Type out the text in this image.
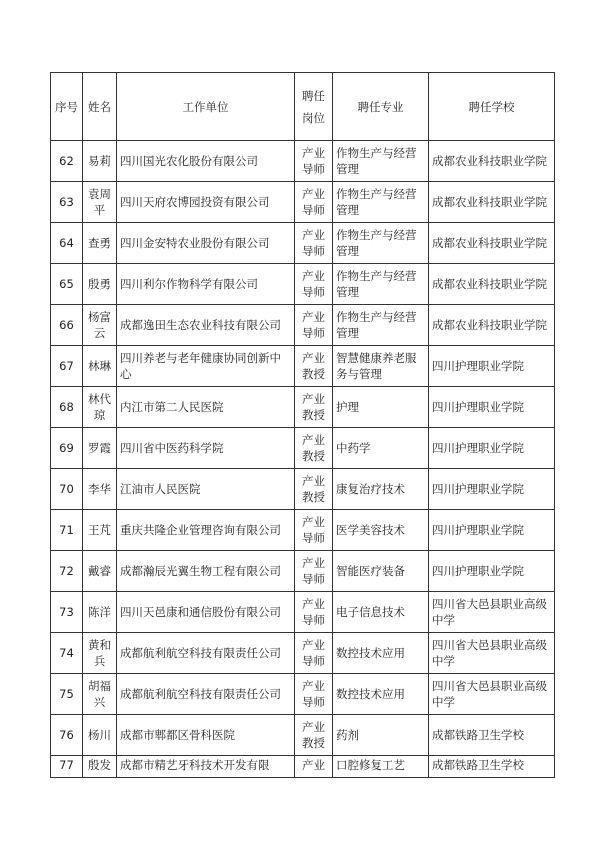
序号	姓名	工作单位	聘任岗位	聘任专业	聘任学校

62	易莉	四川国光农化股份有限公司	产业导师	作物生产与经营管理	成都农业科技职业学院

63	袁周平	四川天府农博园投资有限公司	产业导师	作物生产与经营管理	成都农业科技职业学院

64	查勇	四川金安特农业股份有限公司	产业导师	作物生产与经营管理	成都农业科技职业学院

65	殷勇	四川利尔作物科学有限公司	产业导师	作物生产与经营管理	成都农业科技职业学院

66	杨富云	成都逸田生态农业科技有限公司	产业导师	作物生产与经营管理	成都农业科技职业学院

67	林琳	四川养老与老年健康协同创新中心	产业教授	智慧健康养老服务与管理	四川护理职业学院

68	林代琼	内江市第二人民医院	产业教授	护理	四川护理职业学院

69	罗霞	四川省中医药科学院	产业教授	中药学	四川护理职业学院

70	李华	江油市人民医院	产业教授	康复治疗技术	四川护理职业学院

71	王芃	重庆共隆企业管理咨询有限公司	产业导师	医学美容技术	四川护理职业学院

72	戴睿	成都瀚辰光翼生物工程有限公司	产业导师	智能医疗装备	四川护理职业学院

73	陈洋	四川天邑康和通信股份有限公司	产业导师	电子信息技术	四川省大邑县职业高级中学

74	黄和兵	成都航利航空科技有限责任公司	产业导师	数控技术应用	四川省大邑县职业高级中学

75	胡福兴	成都航利航空科技有限责任公司	产业导师	数控技术应用	四川省大邑县职业高级中学

76	杨川	成都市郫都区骨科医院	产业教授	药剂	成都铁路卫生学校

77	殷发	成都市精艺牙科技术开发有限	产业	口腔修复工艺	成都铁路卫生学校
